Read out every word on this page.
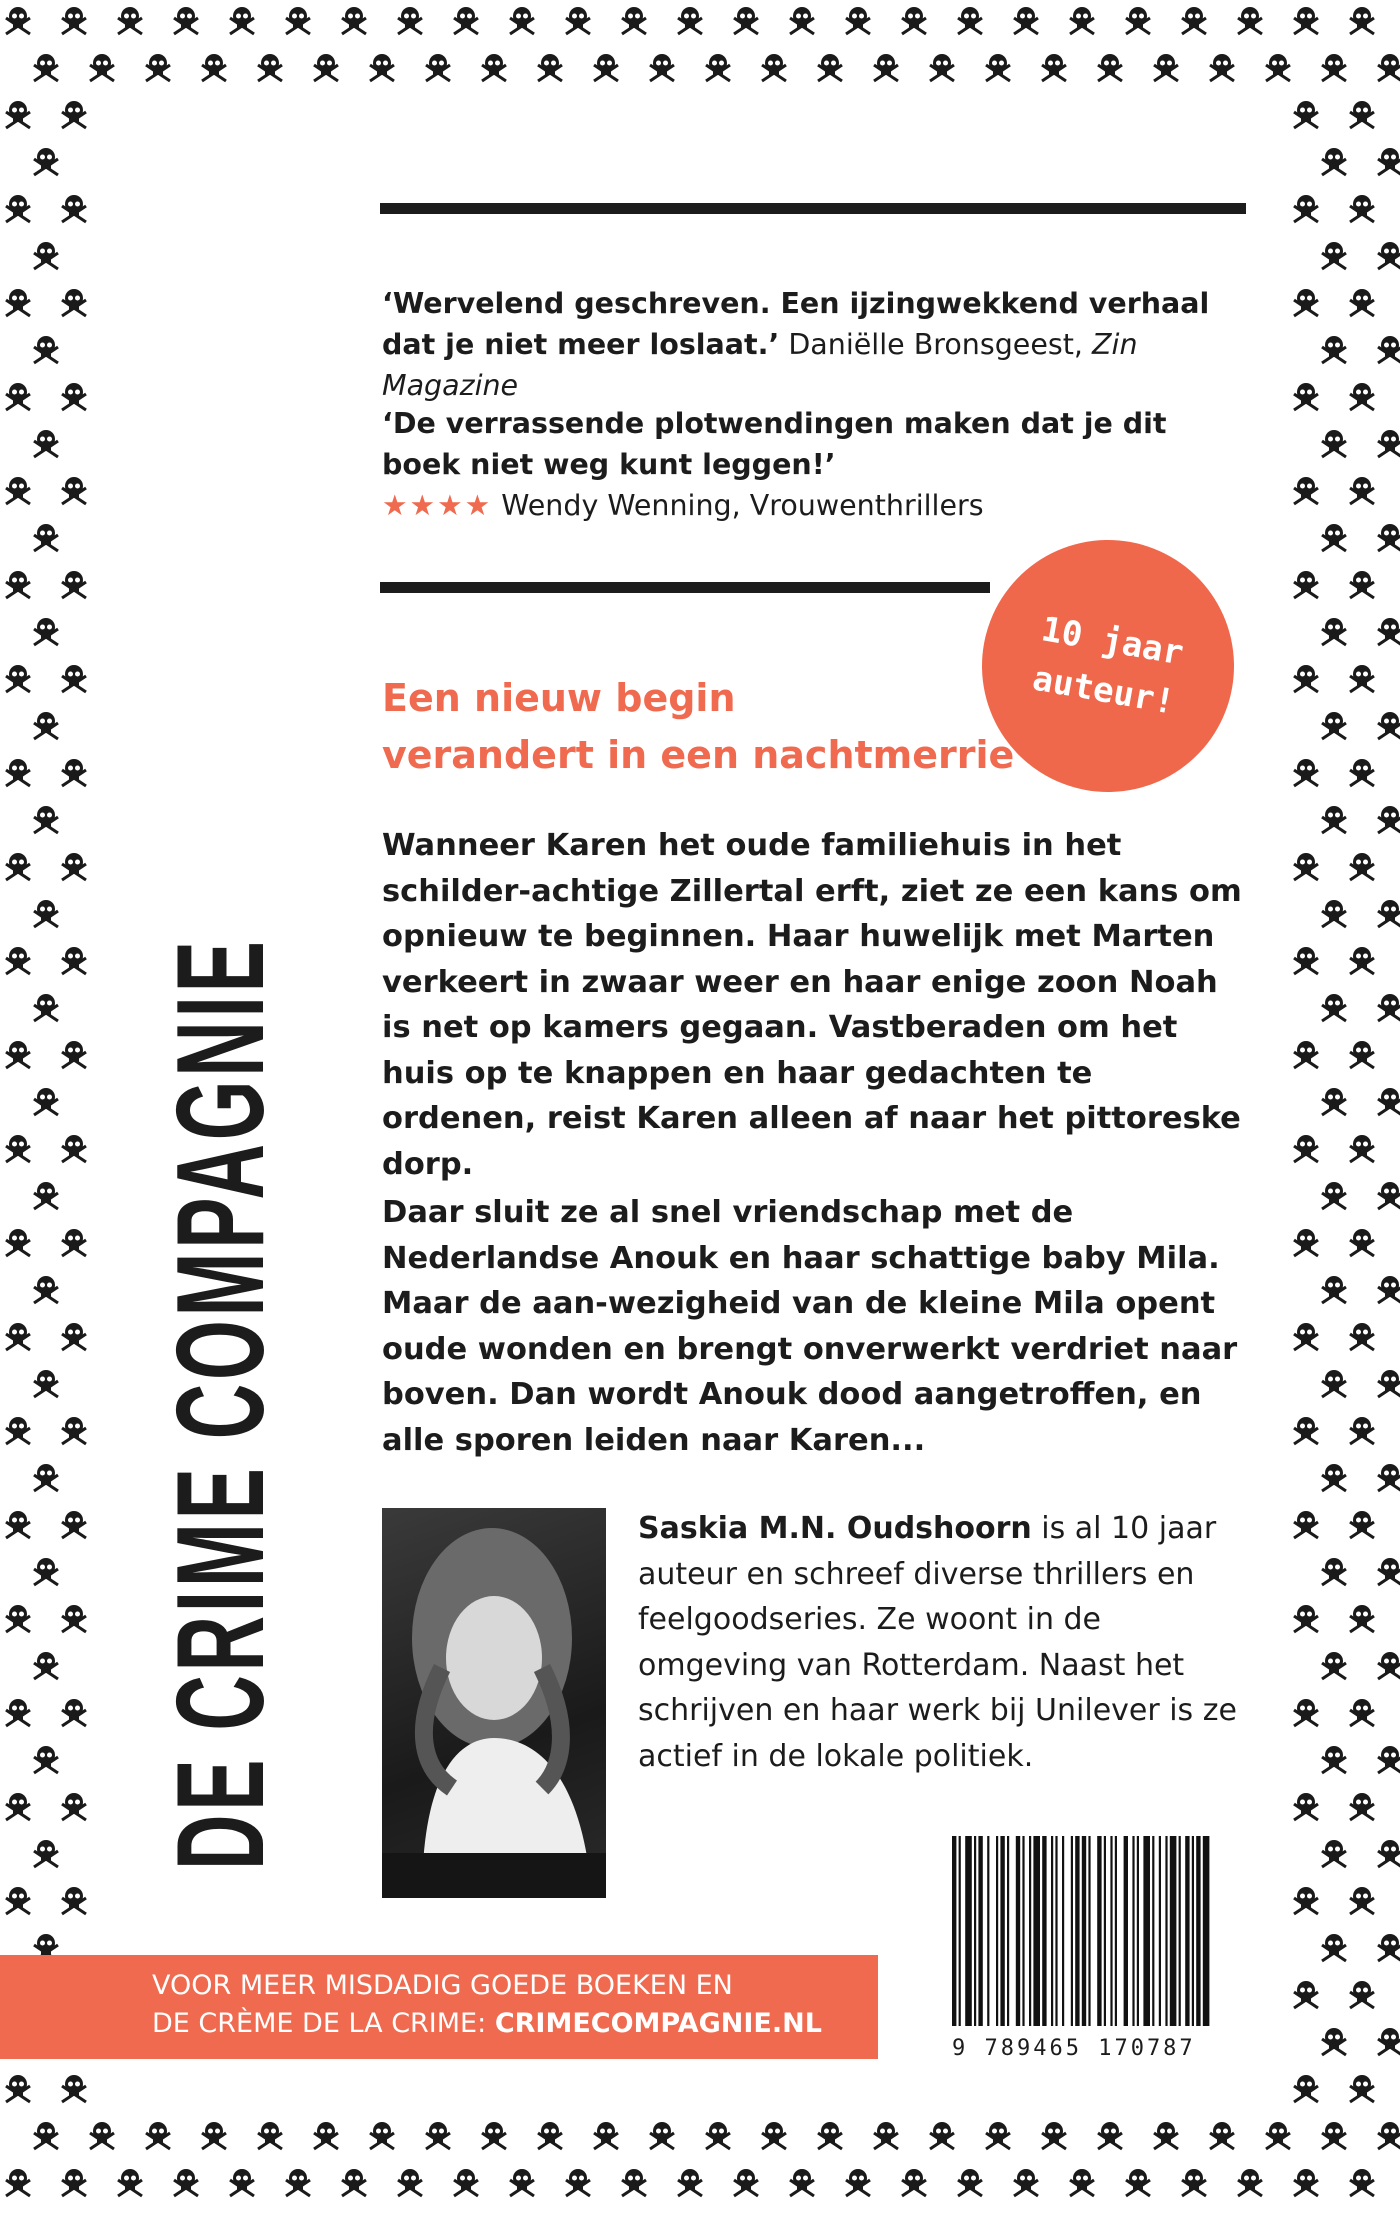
DE CRIME COMPAGNIE
‘Wervelend geschreven. Een ijzingwekkend verhaal dat je niet meer loslaat.’ Daniëlle Bronsgeest, Zin Magazine
‘De verrassende plotwendingen maken dat je dit boek niet weg kunt leggen!’
★★★★ Wendy Wenning, Vrouwenthrillers
10 jaar
auteur!
Een nieuw begin
verandert in een nachtmerrie
Wanneer Karen het oude familiehuis in het schilder-achtige Zillertal erft, ziet ze een kans om opnieuw te beginnen. Haar huwelijk met Marten verkeert in zwaar weer en haar enige zoon Noah is net op kamers gegaan. Vastberaden om het huis op te knappen en haar gedachten te ordenen, reist Karen alleen af naar het pittoreske dorp.
Daar sluit ze al snel vriendschap met de Nederlandse Anouk en haar schattige baby Mila. Maar de aan-wezigheid van de kleine Mila opent oude wonden en brengt onverwerkt verdriet naar boven. Dan wordt Anouk dood aangetroffen, en alle sporen leiden naar Karen...
Saskia M.N. Oudshoorn is al 10 jaar auteur en schreef diverse thrillers en feelgoodseries. Ze woont in de omgeving van Rotterdam. Naast het schrijven en haar werk bij Unilever is ze actief in de lokale politiek.
VOOR MEER MISDADIG GOEDE BOEKEN EN
DE CRÈME DE LA CRIME: CRIMECOMPAGNIE.NL
9 789465 170787
